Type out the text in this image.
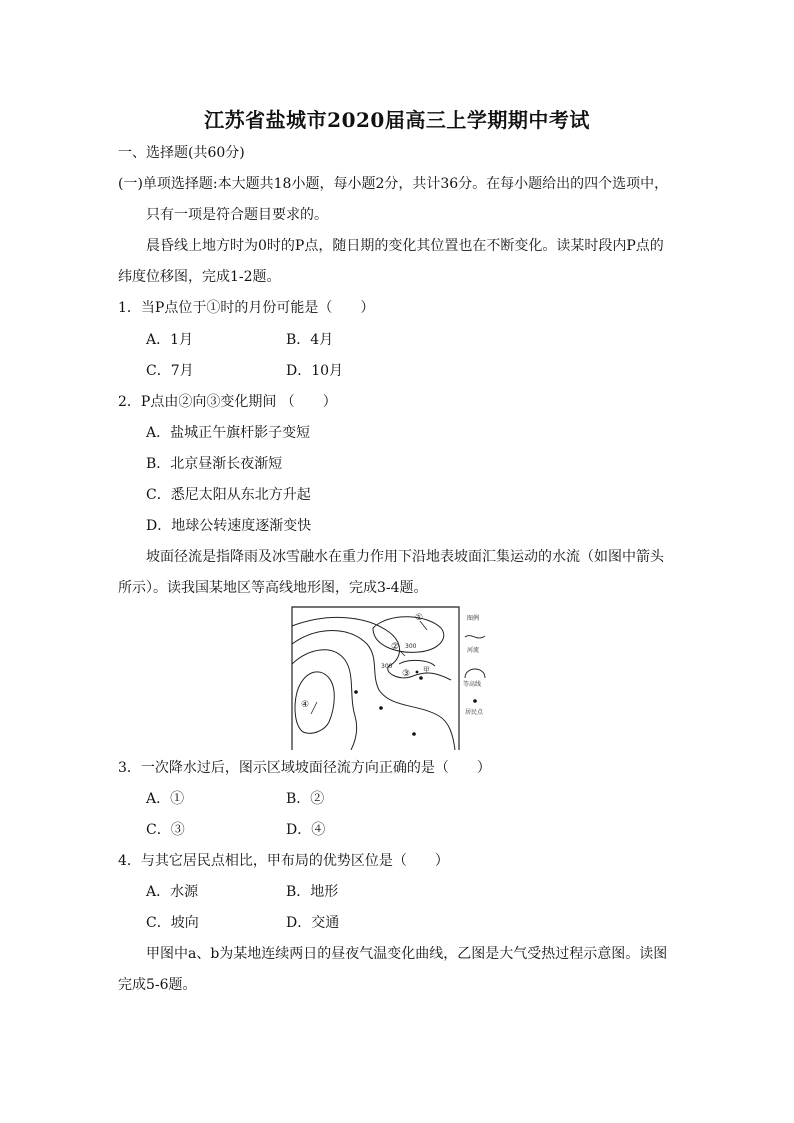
江苏省盐城市2020届高三上学期期中考试
一、选择题(共60分)
(一)单项选择题:本大题共18小题，每小题2分，共计36分。在每小题给出的四个选项中，
只有一项是符合题目要求的。
晨昏线上地方时为0时的P点，随日期的变化其位置也在不断变化。读某时段内P点的
纬度位移图，完成1-2题。
1．当P点位于①时的月份可能是（　　）
A．1月	B．4月
C．7月	D．10月
2．P点由②向③变化期间 （　　）
A．盐城正午旗杆影子变短
B．北京昼渐长夜渐短
C．悉尼太阳从东北方升起
D．地球公转速度逐渐变快
坡面径流是指降雨及冰雪融水在重力作用下沿地表坡面汇集运动的水流（如图中箭头
所示）。读我国某地区等高线地形图，完成3-4题。
300
300
①
②
③
④
甲
图例
河流
等高线
居民点
3．一次降水过后，图示区域坡面径流方向正确的是（　　）
A．①	B．②
C．③	D．④
4．与其它居民点相比，甲布局的优势区位是（　　）
A．水源	B．地形
C．坡向	D．交通
甲图中a、b为某地连续两日的昼夜气温变化曲线，乙图是大气受热过程示意图。读图
完成5-6题。
